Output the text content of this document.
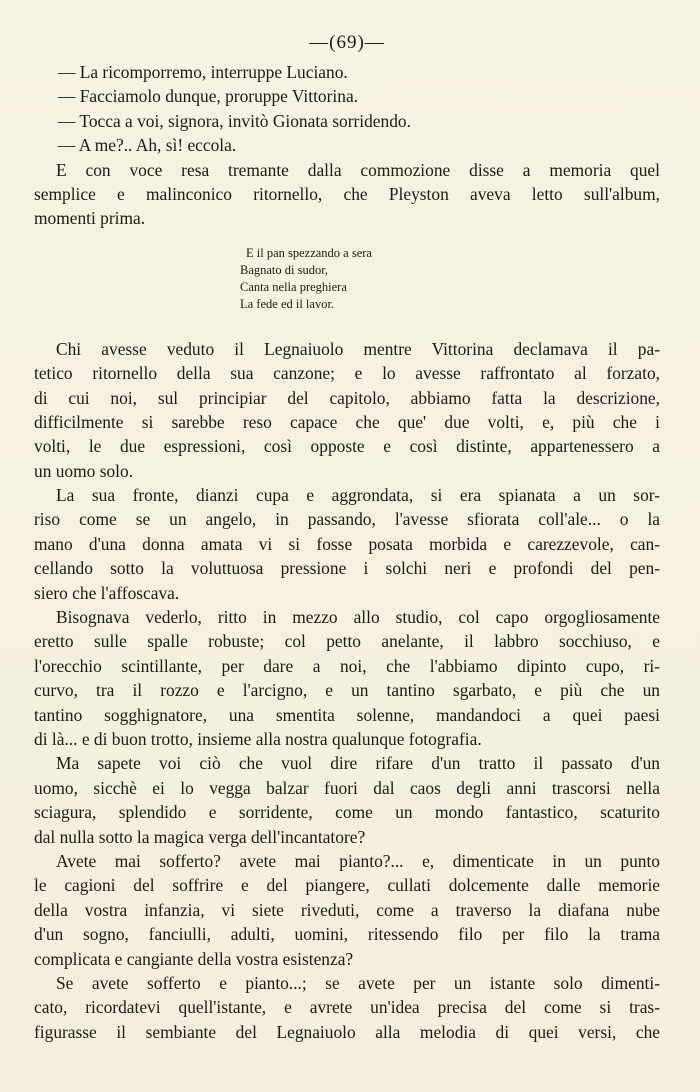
—(69)—
— La ricomporremo, interruppe Luciano.
— Facciamolo dunque, proruppe Vittorina.
— Tocca a voi, signora, invitò Gionata sorridendo.
— A me?.. Ah, sì! eccola.
E con voce resa tremante dalla commozione disse a memoria quel
semplice e malinconico ritornello, che Pleyston aveva letto sull'album,
momenti prima.
E il pan spezzando a sera
Bagnato di sudor,
Canta nella preghiera
La fede ed il lavor.
Chi avesse veduto il Legnaiuolo mentre Vittorina declamava il pa-
tetico ritornello della sua canzone; e lo avesse raffrontato al forzato,
di cui noi, sul principiar del capitolo, abbiamo fatta la descrizione,
difficilmente si sarebbe reso capace che que' due volti, e, più che i
volti, le due espressioni, così opposte e così distinte, appartenessero a
un uomo solo.
La sua fronte, dianzi cupa e aggrondata, si era spianata a un sor-
riso come se un angelo, in passando, l'avesse sfiorata coll'ale... o la
mano d'una donna amata vi si fosse posata morbida e carezzevole, can-
cellando sotto la voluttuosa pressione i solchi neri e profondi del pen-
siero che l'affoscava.
Bisognava vederlo, ritto in mezzo allo studio, col capo orgogliosamente
eretto sulle spalle robuste; col petto anelante, il labbro socchiuso, e
l'orecchio scintillante, per dare a noi, che l'abbiamo dipinto cupo, ri-
curvo, tra il rozzo e l'arcigno, e un tantino sgarbato, e più che un
tantino sogghignatore, una smentita solenne, mandandoci a quei paesi
di là... e di buon trotto, insieme alla nostra qualunque fotografia.
Ma sapete voi ciò che vuol dire rifare d'un tratto il passato d'un
uomo, sicchè ei lo vegga balzar fuori dal caos degli anni trascorsi nella
sciagura, splendido e sorridente, come un mondo fantastico, scaturito
dal nulla sotto la magica verga dell'incantatore?
Avete mai sofferto? avete mai pianto?... e, dimenticate in un punto
le cagioni del soffrire e del piangere, cullati dolcemente dalle memorie
della vostra infanzia, vi siete riveduti, come a traverso la diafana nube
d'un sogno, fanciulli, adulti, uomini, ritessendo filo per filo la trama
complicata e cangiante della vostra esistenza?
Se avete sofferto e pianto...; se avete per un istante solo dimenti-
cato, ricordatevi quell'istante, e avrete un'idea precisa del come si tras-
figurasse il sembiante del Legnaiuolo alla melodia di quei versi, che
